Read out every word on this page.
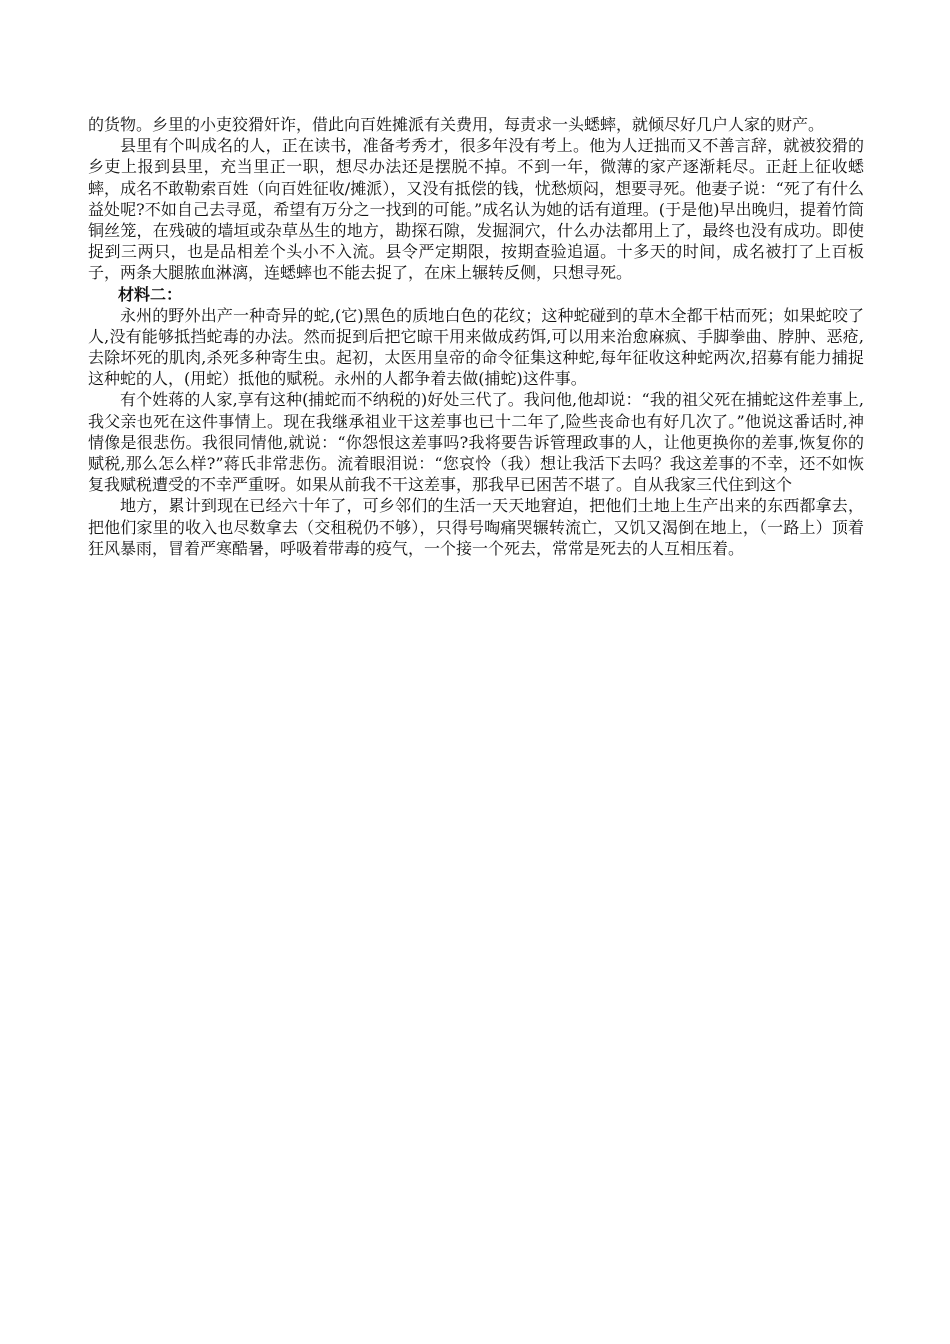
的货物。乡里的小吏狡猾奸诈，借此向百姓摊派有关费用，每责求一头蟋蟀，就倾尽好几户人家的财产。

县里有个叫成名的人，正在读书，准备考秀才，很多年没有考上。他为人迂拙而又不善言辞，就被狡猾的乡吏上报到县里，充当里正一职，想尽办法还是摆脱不掉。不到一年，微薄的家产逐渐耗尽。正赶上征收蟋蟀，成名不敢勒索百姓（向百姓征收/摊派），又没有抵偿的钱，忧愁烦闷，想要寻死。他妻子说：“死了有什么益处呢?不如自己去寻觅，希望有万分之一找到的可能。”成名认为她的话有道理。(于是他)早出晚归，提着竹筒铜丝笼，在残破的墙垣或杂草丛生的地方，勘探石隙，发掘洞穴，什么办法都用上了，最终也没有成功。即使捉到三两只，也是品相差个头小不入流。县令严定期限，按期查验追逼。十多天的时间，成名被打了上百板子，两条大腿脓血淋漓，连蟋蟀也不能去捉了，在床上辗转反侧，只想寻死。

材料二：

永州的野外出产一种奇异的蛇,(它)黑色的质地白色的花纹；这种蛇碰到的草木全都干枯而死；如果蛇咬了人,没有能够抵挡蛇毒的办法。然而捉到后把它晾干用来做成药饵,可以用来治愈麻疯、手脚拳曲、脖肿、恶疮,去除坏死的肌肉,杀死多种寄生虫。起初，太医用皇帝的命令征集这种蛇,每年征收这种蛇两次,招募有能力捕捉这种蛇的人，(用蛇）抵他的赋税。永州的人都争着去做(捕蛇)这件事。

有个姓蒋的人家,享有这种(捕蛇而不纳税的)好处三代了。我问他,他却说：“我的祖父死在捕蛇这件差事上,我父亲也死在这件事情上。现在我继承祖业干这差事也已十二年了,险些丧命也有好几次了。”他说这番话时,神情像是很悲伤。我很同情他,就说：“你怨恨这差事吗?我将要告诉管理政事的人，让他更换你的差事,恢复你的赋税,那么怎么样?”蒋氏非常悲伤。流着眼泪说：“您哀怜（我）想让我活下去吗？我这差事的不幸，还不如恢复我赋税遭受的不幸严重呀。如果从前我不干这差事，那我早已困苦不堪了。自从我家三代住到这个

地方，累计到现在已经六十年了，可乡邻们的生活一天天地窘迫，把他们土地上生产出来的东西都拿去，把他们家里的收入也尽数拿去（交租税仍不够），只得号啕痛哭辗转流亡，又饥又渴倒在地上，（一路上）顶着狂风暴雨，冒着严寒酷暑，呼吸着带毒的疫气，一个接一个死去，常常是死去的人互相压着。
